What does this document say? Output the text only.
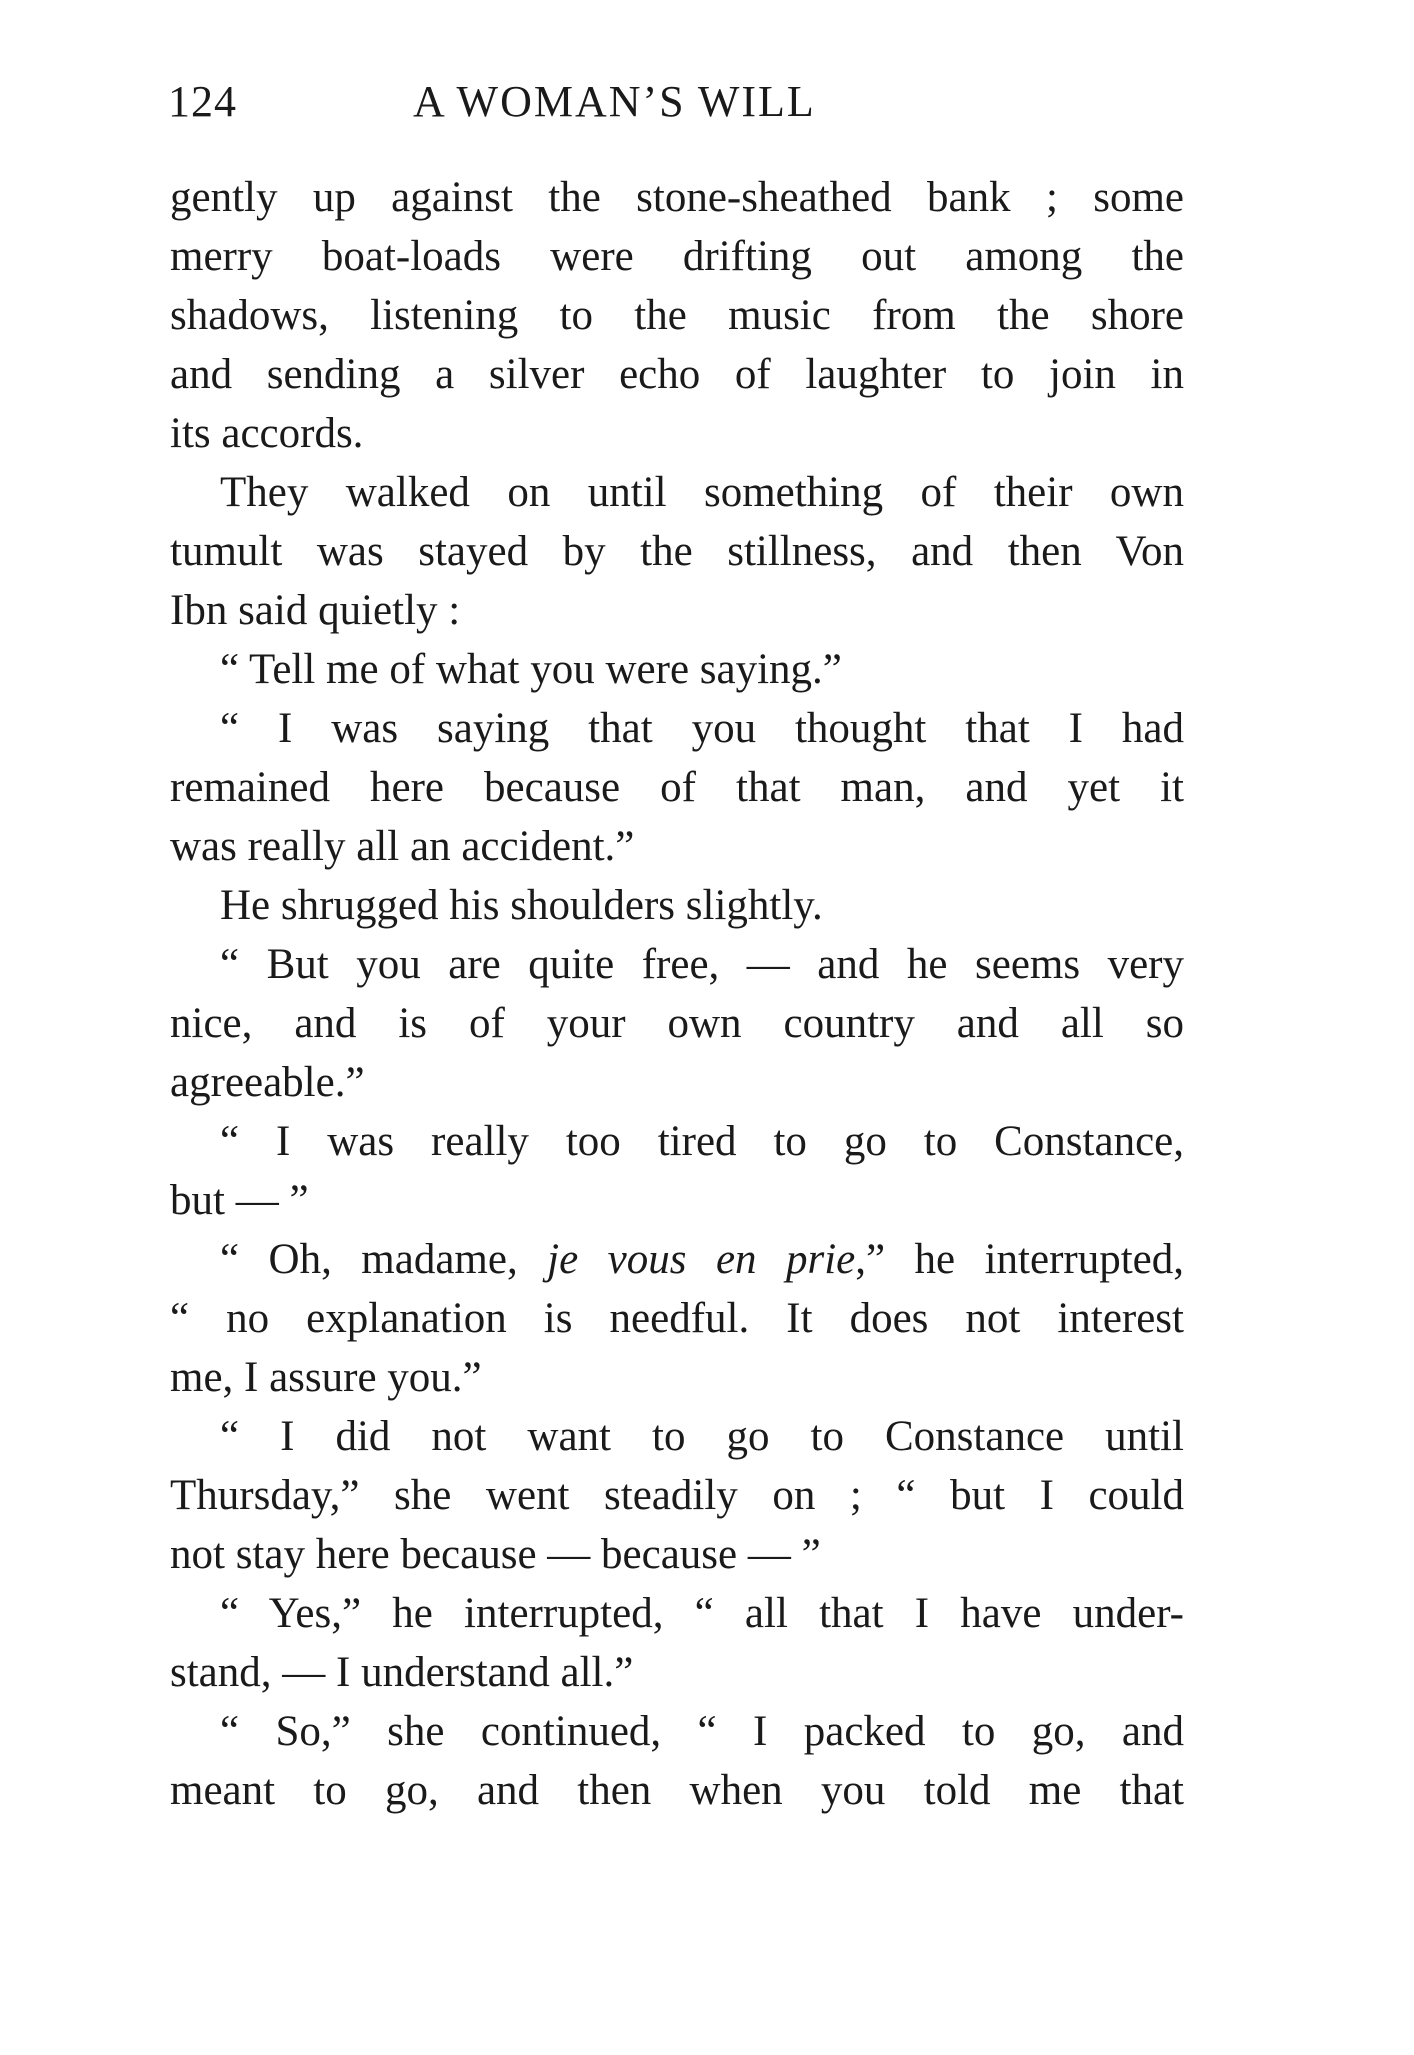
124	A WOMAN’S WILL
gently up against the stone-sheathed bank ; some
merry boat-loads were drifting out among the
shadows, listening to the music from the shore
and sending a silver echo of laughter to join in
its accords.
They walked on until something of their own
tumult was stayed by the stillness, and then Von
Ibn said quietly :
“ Tell me of what you were saying.”
“ I was saying that you thought that I had
remained here because of that man, and yet it
was really all an accident.”
He shrugged his shoulders slightly.
“ But you are quite free, — and he seems very
nice, and is of your own country and all so
agreeable.”
“ I was really too tired to go to Constance,
but — ”
“ Oh, madame, je vous en prie,” he interrupted,
“ no explanation is needful. It does not interest
me, I assure you.”
“ I did not want to go to Constance until
Thursday,” she went steadily on ; “ but I could
not stay here because — because — ”
“ Yes,” he interrupted, “ all that I have under-
stand, — I understand all.”
“ So,” she continued, “ I packed to go, and
meant to go, and then when you told me that
